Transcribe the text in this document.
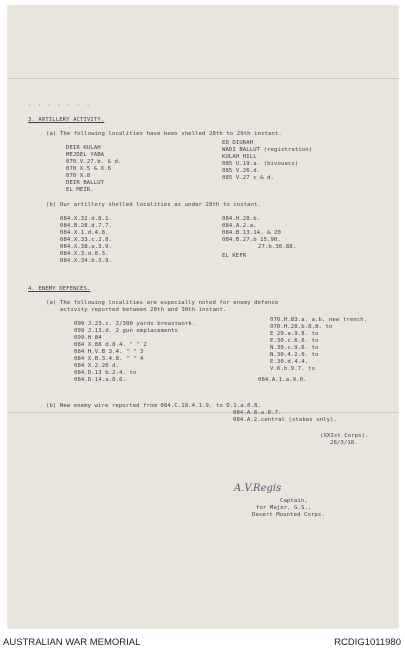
· · ·
· · · · · · ·
3. ARTILLERY ACTIVITY.
(a) The following localities have been shelled 28th to 29th instant.
DEIR KULAH
MEJDEL YABA
070.V.27.b. & d.
070 X.5 & X.6
070 X.8
DEIR BALLUT
EL MEIR.
ED DIURAH
WADI BALLUT (registration)
KULAH HILL
085 U.19.a. (bivouacs)
085 V.26.d.
085 V.27 c & d.
(b) Our artillery shelled localities as under 28th to instant.
084.X.32.d.8.1.
084.B.28.d.7.7.
084.X.1.d.4.8.
084.X.33.c.2.8.
084.X.38.a.3.9.
084.X.3.d.8.3.
084.X.34.b.3.9.
084.H.28.b.
084.A.2.a.
084.B.13.14. & 20
084.B.27.b 15.90.
27.b.30.88.
EL KEFR
4. ENEMY DEFENCES.
(a) The following localities are especially noted for enemy defence
activity reported between 28th and 30th instant.
099 J.23.c. 2/300 yards breastwork.
099 J.13.d. 2 gun emplacements
099.H 84
084 X.88 d.8.4. " " 2
084 H.V.B 3.4. " " 3
084 X.B.3.4.8. " " 4
084 X.2.26 d.
084.D.13 b.2.4. to
084.D.14.a.8.6.
070.H.83.a. a.b. new trench.
070.H.28.b.8.8. to
E 29.a.9.8. to
E.30.c.6.6. to
N.30.c.9.6. to
N.30.4.2.0. to
E.30.d.4.4.
V.6.b.9.7. to
084.A.1.a.9.0.
(b) New enemy wire reported from 084.C.18.4.1.9. to D.1.a.0.8.
084.A.8.a.8.7.
084.A.2.central (stakes only).
(XXIst Corps).
28/3/18.
A.V.Regis
Captain,
for Major, G.S.,
Desert Mounted Corps.
AUSTRALIAN WAR MEMORIAL	RCDIG1011980
